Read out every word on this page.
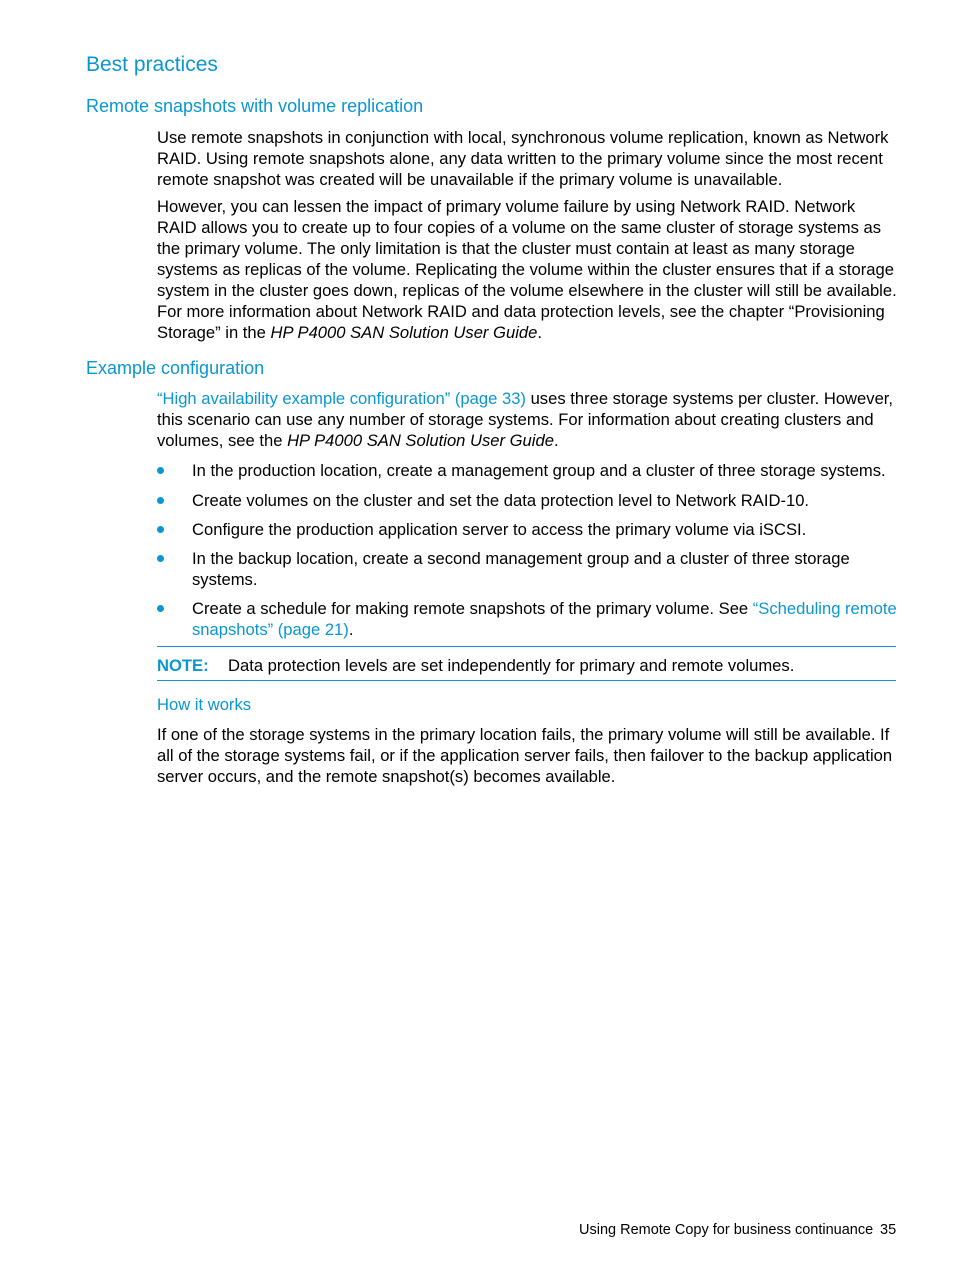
Best practices
Remote snapshots with volume replication

Use remote snapshots in conjunction with local, synchronous volume replication, known as Network RAID. Using remote snapshots alone, any data written to the primary volume since the most recent remote snapshot was created will be unavailable if the primary volume is unavailable.

However, you can lessen the impact of primary volume failure by using Network RAID. Network RAID allows you to create up to four copies of a volume on the same cluster of storage systems as the primary volume. The only limitation is that the cluster must contain at least as many storage systems as replicas of the volume. Replicating the volume within the cluster ensures that if a storage system in the cluster goes down, replicas of the volume elsewhere in the cluster will still be available. For more information about Network RAID and data protection levels, see the chapter “Provisioning Storage” in the HP P4000 SAN Solution User Guide.

Example configuration

“High availability example configuration” (page 33) uses three storage systems per cluster. However, this scenario can use any number of storage systems. For information about creating clusters and volumes, see the HP P4000 SAN Solution User Guide.

In the production location, create a management group and a cluster of three storage systems.
Create volumes on the cluster and set the data protection level to Network RAID-10.
Configure the production application server to access the primary volume via iSCSI.
In the backup location, create a second management group and a cluster of three storage systems.
Create a schedule for making remote snapshots of the primary volume. See “Scheduling remote snapshots” (page 21).
NOTE: Data protection levels are set independently for primary and remote volumes.
How it works

If one of the storage systems in the primary location fails, the primary volume will still be available. If all of the storage systems fail, or if the application server fails, then failover to the backup application server occurs, and the remote snapshot(s) becomes available.

Using Remote Copy for business continuance 35
